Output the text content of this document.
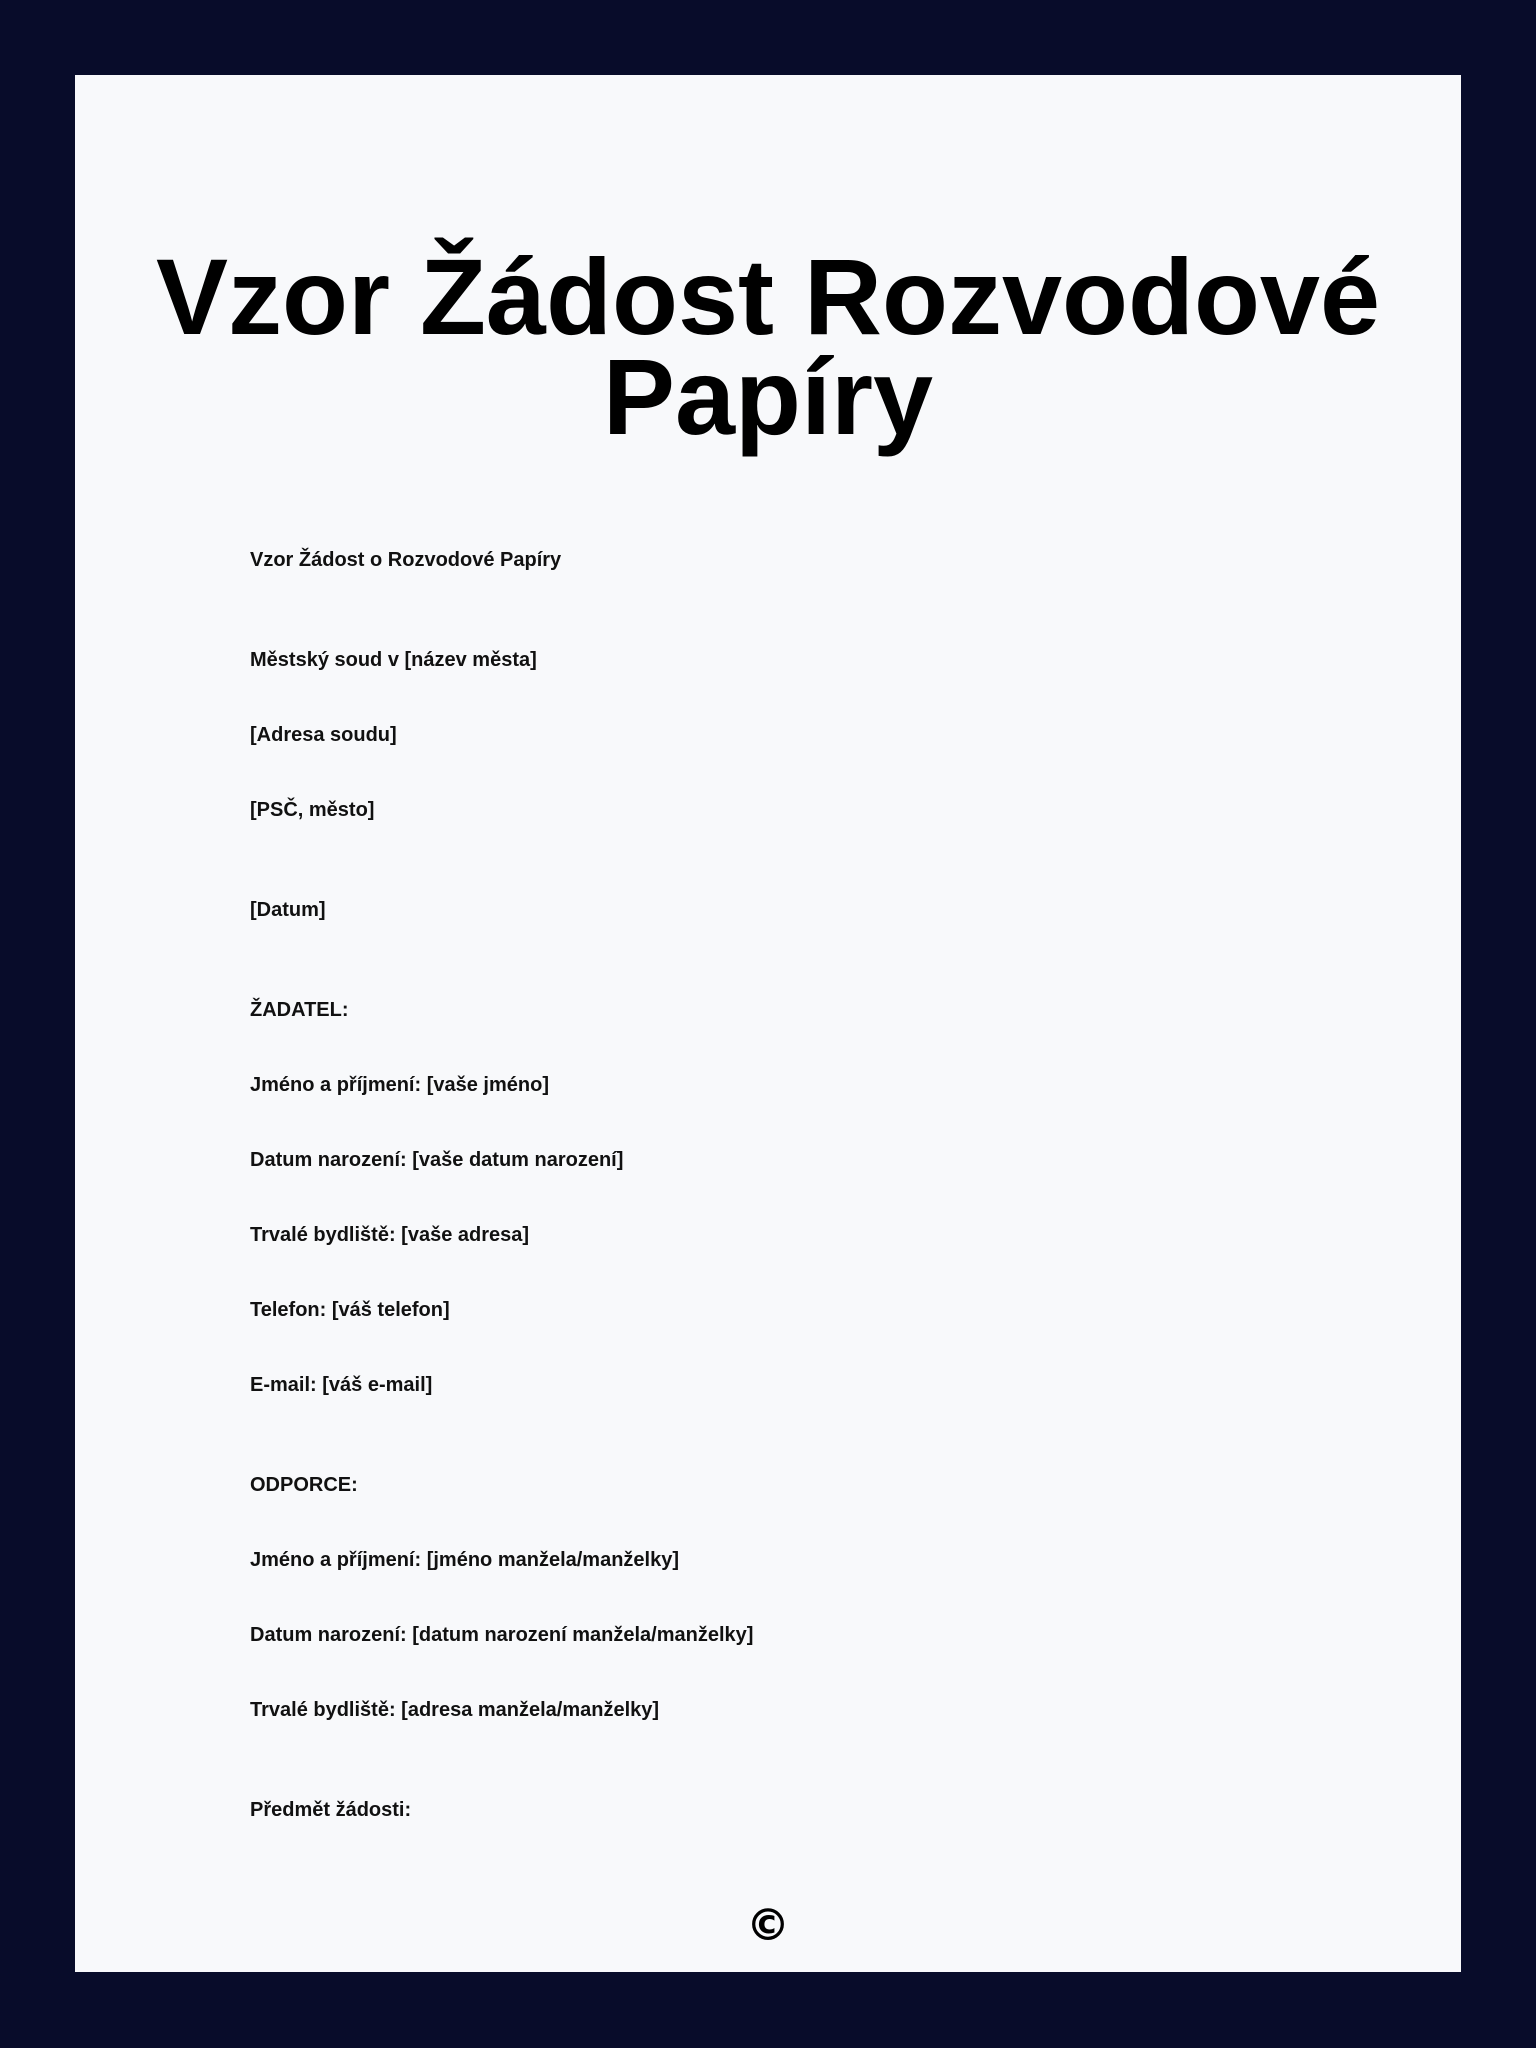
Vzor Žádost Rozvodové Papíry

Vzor Žádost o Rozvodové Papíry

Městský soud v [název města]

[Adresa soudu]

[PSČ, město]

[Datum]

ŽADATEL:

Jméno a příjmení: [vaše jméno]

Datum narození: [vaše datum narození]

Trvalé bydliště: [vaše adresa]

Telefon: [váš telefon]

E-mail: [váš e-mail]

ODPORCE:

Jméno a příjmení: [jméno manžela/manželky]

Datum narození: [datum narození manžela/manželky]

Trvalé bydliště: [adresa manžela/manželky]

Předmět žádosti:

©
